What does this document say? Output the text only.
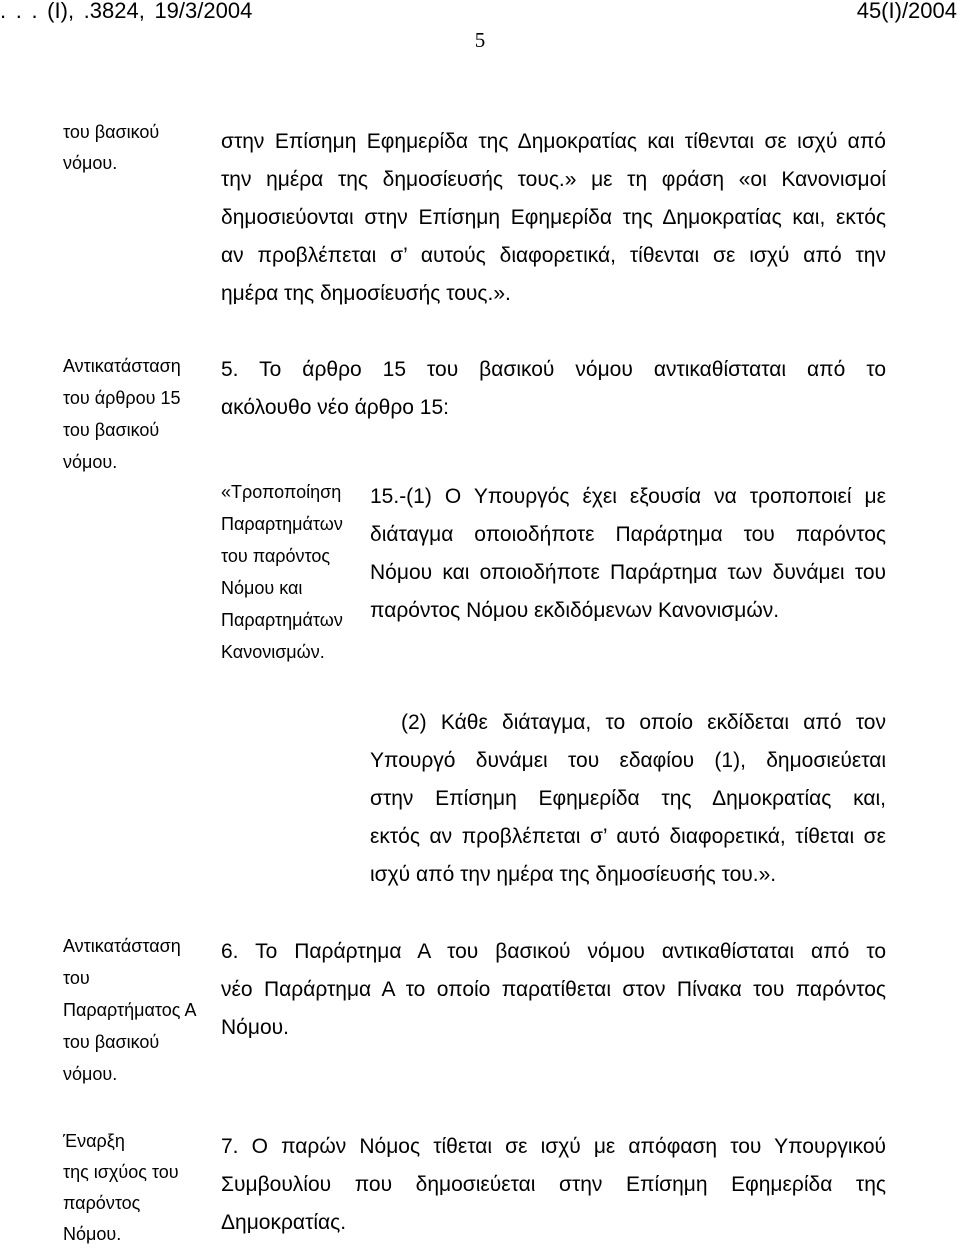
. . . (Ι), .3824, 19/3/2004	45(Ι)/2004
5
του βασικού
νόμου.
στην Επίσημη Εφημερίδα της Δημοκρατίας και τίθενται σε ισχύ από
την ημέρα της δημοσίευσής τους.» με τη φράση «οι Κανονισμοί
δημοσιεύονται στην Επίσημη Εφημερίδα της Δημοκρατίας και, εκτός
αν προβλέπεται σ’ αυτούς διαφορετικά, τίθενται σε ισχύ από την
ημέρα της δημοσίευσής τους.».
Αντικατάσταση
του άρθρου 15
του βασικού
νόμου.
5. Το άρθρο 15 του βασικού νόμου αντικαθίσταται από το
ακόλουθο νέο άρθρο 15:
«Τροποποίηση
Παραρτημάτων
του παρόντος
Νόμου και
Παραρτημάτων
Κανονισμών.
15.-(1) Ο Υπουργός έχει εξουσία να τροποποιεί με
διάταγμα οποιοδήποτε Παράρτημα του παρόντος
Νόμου και οποιοδήποτε Παράρτημα των δυνάμει του
παρόντος Νόμου εκδιδόμενων Κανονισμών.
(2) Κάθε διάταγμα, το οποίο εκδίδεται από τον
Υπουργό δυνάμει του εδαφίου (1), δημοσιεύεται
στην Επίσημη Εφημερίδα της Δημοκρατίας και,
εκτός αν προβλέπεται σ’ αυτό διαφορετικά, τίθεται σε
ισχύ από την ημέρα της δημοσίευσής του.».
Αντικατάσταση
του
Παραρτήματος Α
του βασικού
νόμου.
6. Το Παράρτημα Α του βασικού νόμου αντικαθίσταται από το
νέο Παράρτημα Α το οποίο παρατίθεται στον Πίνακα του παρόντος
Νόμου.
Έναρξη
της ισχύος του
παρόντος
Νόμου.
7. Ο παρών Νόμος τίθεται σε ισχύ με απόφαση του Υπουργικού
Συμβουλίου που δημοσιεύεται στην Επίσημη Εφημερίδα της
Δημοκρατίας.
